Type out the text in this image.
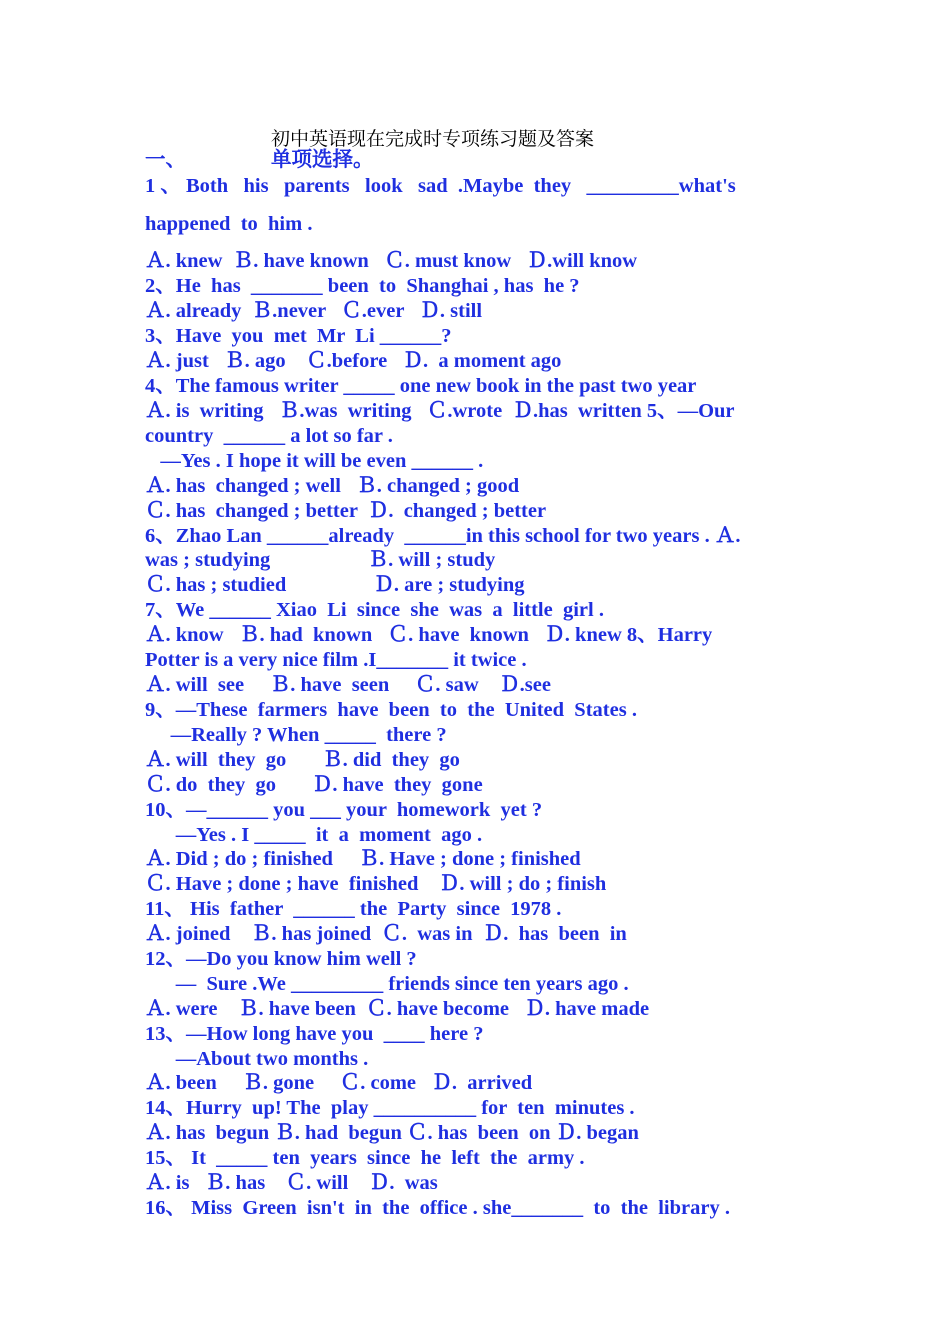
初中英语现在完成时专项练习题及答案
一、	单项选择。
1 、 Both   his   parents   look   sad  .Maybe  they   _________what's
happened  to  him .
Ａ. knew  Ｂ. have known   Ｃ. must know   Ｄ.will know
2、He  has  _______ been  to  Shanghai , has  he ?
Ａ. already  Ｂ.never   Ｃ.ever   Ｄ. still
3、Have  you  met  Mr  Li ______?
Ａ. just   Ｂ. ago    Ｃ.before   Ｄ.  a moment ago
4、The famous writer _____ one new book in the past two year
Ａ. is  writing   Ｂ.was  writing   Ｃ.wrote  Ｄ.has  written 5、—Our
country  ______ a lot so far .
—Yes . I hope it will be even ______ .
Ａ. has  changed ; well   Ｂ. changed ; good
Ｃ. has  changed ; better  Ｄ.  changed ; better
6、Zhao Lan ______already  ______in this school for two years . Ａ.
was ; studying                   Ｂ. will ; study
Ｃ. has ; studied                 Ｄ. are ; studying
7、We ______ Xiao  Li  since  she  was  a  little  girl .
Ａ. know   Ｂ. had  known   Ｃ. have  known   Ｄ. knew 8、Harry
Potter is a very nice film .I_______ it twice .
Ａ. will  see     Ｂ. have  seen     Ｃ. saw    Ｄ.see
9、—These  farmers  have  been  to  the  United  States .
—Really ? When _____  there ?
Ａ. will  they  go       Ｂ. did  they  go
Ｃ. do  they  go       Ｄ. have  they  gone
10、—______ you ___ your  homework  yet ?
—Yes . I _____  it  a  moment  ago .
Ａ. Did ; do ; finished     Ｂ. Have ; done ; finished
Ｃ. Have ; done ; have  finished    Ｄ. will ; do ; finish
11、 His  father  ______ the  Party  since  1978 .
Ａ. joined    Ｂ. has joined  Ｃ.  was in  Ｄ.  has  been  in
12、—Do you know him well ?
—  Sure .We _________ friends since ten years ago .
Ａ. were    Ｂ. have been  Ｃ. have become   Ｄ. have made
13、—How long have you  ____ here ?
—About two months .
Ａ. been     Ｂ. gone     Ｃ. come   Ｄ.  arrived
14、Hurry  up! The  play __________ for  ten  minutes .
Ａ. has  begun Ｂ. had  begun Ｃ. has  been  on Ｄ. began
15、 It  _____ ten  years  since  he  left  the  army .
Ａ. is   Ｂ. has    Ｃ. will    Ｄ.  was
16、 Miss  Green  isn't  in  the  office . she_______  to  the  library .
